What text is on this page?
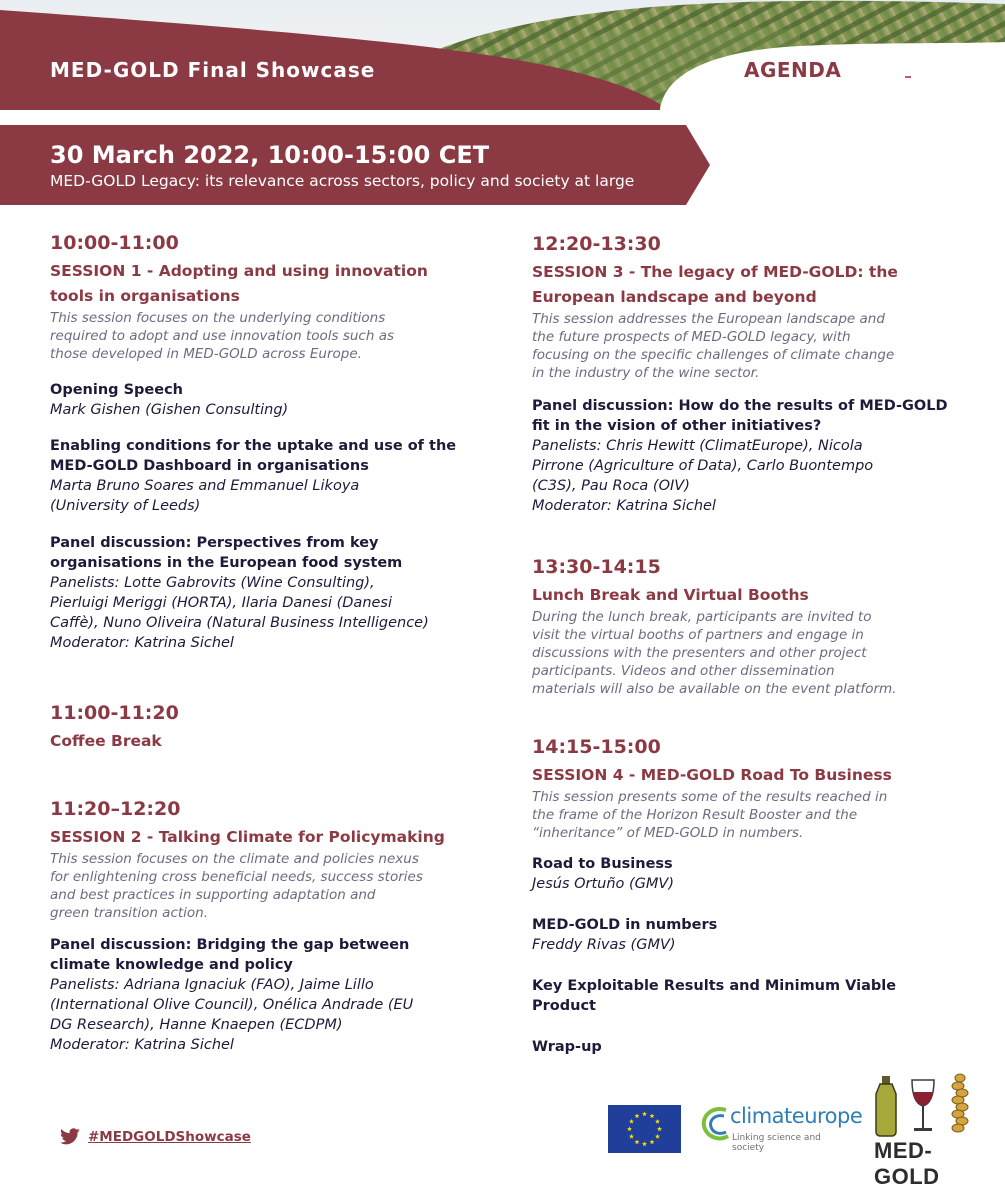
MED-GOLD Final Showcase	AGENDA
30 March 2022, 10:00-15:00 CET
MED-GOLD Legacy: its relevance across sectors, policy and society at large
10:00-11:00
SESSION 1 - Adopting and using innovation
tools in organisations
This session focuses on the underlying conditions
required to adopt and use innovation tools such as
those developed in MED-GOLD across Europe.
Opening Speech
Mark Gishen (Gishen Consulting)
Enabling conditions for the uptake and use of the
MED-GOLD Dashboard in organisations
Marta Bruno Soares and Emmanuel Likoya
(University of Leeds)
Panel discussion: Perspectives from key
organisations in the European food system
Panelists: Lotte Gabrovits (Wine Consulting),
Pierluigi Meriggi (HORTA), Ilaria Danesi (Danesi
Caffè), Nuno Oliveira (Natural Business Intelligence)
Moderator: Katrina Sichel
11:00-11:20
Coffee Break
11:20–12:20
SESSION 2 - Talking Climate for Policymaking
This session focuses on the climate and policies nexus
for enlightening cross beneficial needs, success stories
and best practices in supporting adaptation and
green transition action.
Panel discussion: Bridging the gap between
climate knowledge and policy
Panelists: Adriana Ignaciuk (FAO), Jaime Lillo
(International Olive Council), Onélica Andrade (EU
DG Research), Hanne Knaepen (ECDPM)
Moderator: Katrina Sichel
12:20-13:30
SESSION 3 - The legacy of MED-GOLD: the
European landscape and beyond
This session addresses the European landscape and
the future prospects of MED-GOLD legacy, with
focusing on the specific challenges of climate change
in the industry of the wine sector.
Panel discussion: How do the results of MED-GOLD
fit in the vision of other initiatives?
Panelists: Chris Hewitt (ClimatEurope), Nicola
Pirrone (Agriculture of Data), Carlo Buontempo
(C3S), Pau Roca (OIV)
Moderator: Katrina Sichel
13:30-14:15
Lunch Break and Virtual Booths
During the lunch break, participants are invited to
visit the virtual booths of partners and engage in
discussions with the presenters and other project
participants. Videos and other dissemination
materials will also be available on the event platform.
14:15-15:00
SESSION 4 - MED-GOLD Road To Business
This session presents some of the results reached in
the frame of the Horizon Result Booster and the
“inheritance” of MED-GOLD in numbers.
Road to Business
Jesús Ortuño (GMV)
MED-GOLD in numbers
Freddy Rivas (GMV)
Key Exploitable Results and Minimum Viable
Product
Wrap-up
#MEDGOLDShowcase
climateurope
Linking science and society	MED-GOLD
